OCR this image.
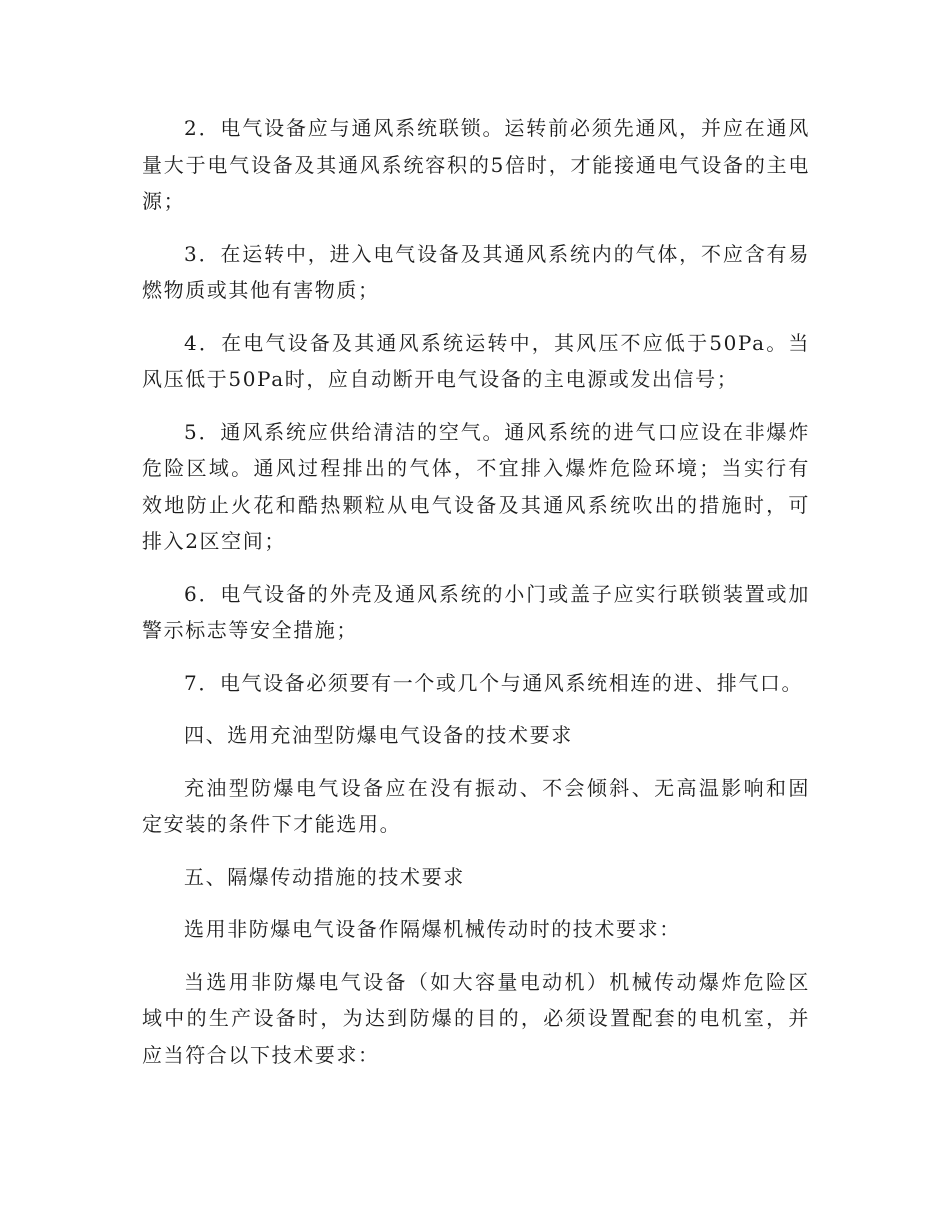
2．电气设备应与通风系统联锁。运转前必须先通风，并应在通风量大于电气设备及其通风系统容积的5倍时，才能接通电气设备的主电源；

3．在运转中，进入电气设备及其通风系统内的气体，不应含有易燃物质或其他有害物质；

4．在电气设备及其通风系统运转中，其风压不应低于50Pa。当风压低于50Pa时，应自动断开电气设备的主电源或发出信号；

5．通风系统应供给清洁的空气。通风系统的进气口应设在非爆炸危险区域。通风过程排出的气体，不宜排入爆炸危险环境；当实行有效地防止火花和酷热颗粒从电气设备及其通风系统吹出的措施时，可排入2区空间；

6．电气设备的外壳及通风系统的小门或盖子应实行联锁装置或加警示标志等安全措施；

7．电气设备必须要有一个或几个与通风系统相连的进、排气口。

四、选用充油型防爆电气设备的技术要求

充油型防爆电气设备应在没有振动、不会倾斜、无高温影响和固定安装的条件下才能选用。

五、隔爆传动措施的技术要求

选用非防爆电气设备作隔爆机械传动时的技术要求：

当选用非防爆电气设备（如大容量电动机）机械传动爆炸危险区域中的生产设备时，为达到防爆的目的，必须设置配套的电机室，并应当符合以下技术要求：
